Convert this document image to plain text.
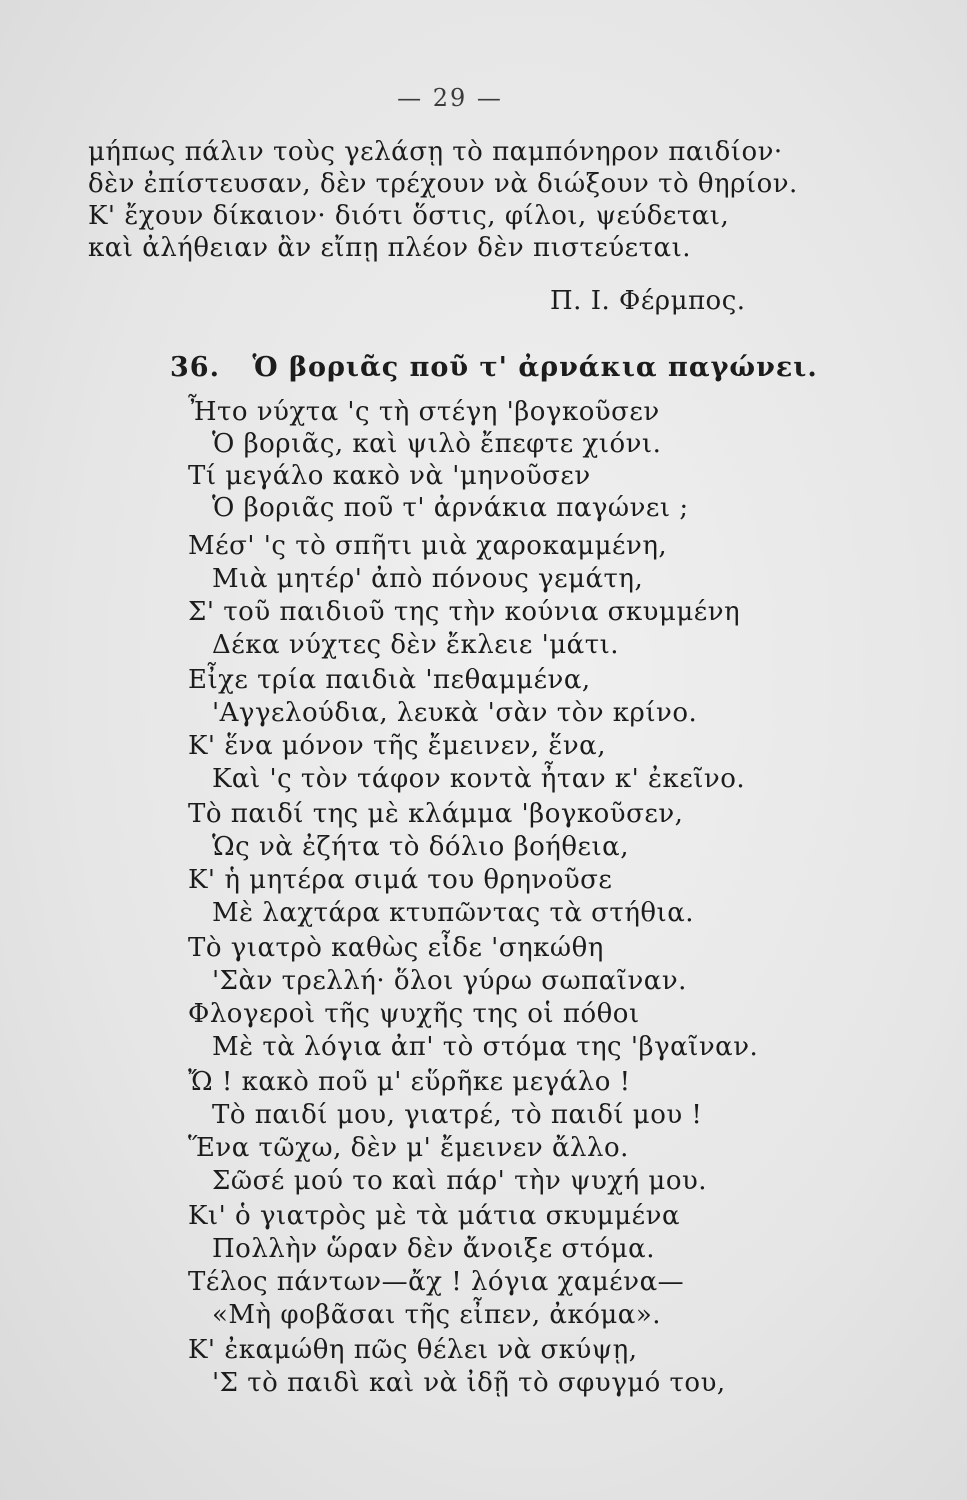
— 29 —
μήπως πάλιν τοὺς γελάσῃ τὸ παμπόνηρον παιδίον·
δὲν ἐπίστευσαν, δὲν τρέχουν νὰ διώξουν τὸ θηρίον.
Κ' ἔχουν δίκαιον· διότι ὅστις, φίλοι, ψεύδεται,
καὶ ἀλήθειαν ἂν εἴπῃ πλέον δὲν πιστεύεται.
Π. Ι. Φέρμπος.
36. Ὁ βοριᾶς ποῦ τ' ἀρνάκια παγώνει.
Ἦτο νύχτα 'ς τὴ στέγη 'βογκοῦσεν
Ὁ βοριᾶς, καὶ ψιλὸ ἔπεφτε χιόνι.
Τί μεγάλο κακὸ νὰ 'μηνοῦσεν
Ὁ βοριᾶς ποῦ τ' ἀρνάκια παγώνει ;
Μέσ' 'ς τὸ σπῆτι μιὰ χαροκαμμένη,
Μιὰ μητέρ' ἀπὸ πόνους γεμάτη,
Σ' τοῦ παιδιοῦ της τὴν κούνια σκυμμένη
Δέκα νύχτες δὲν ἔκλειε 'μάτι.
Εἶχε τρία παιδιὰ 'πεθαμμένα,
'Αγγελούδια, λευκὰ 'σὰν τὸν κρίνο.
Κ' ἕνα μόνον τῆς ἔμεινεν, ἕνα,
Καὶ 'ς τὸν τάφον κοντὰ ἦταν κ' ἐκεῖνο.
Τὸ παιδί της μὲ κλάμμα 'βογκοῦσεν,
Ὡς νὰ ἐζήτα τὸ δόλιο βοήθεια,
Κ' ἡ μητέρα σιμά του θρηνοῦσε
Μὲ λαχτάρα κτυπῶντας τὰ στήθια.
Τὸ γιατρὸ καθὼς εἶδε 'σηκώθη
'Σὰν τρελλή· ὅλοι γύρω σωπαῖναν.
Φλογεροὶ τῆς ψυχῆς της οἱ πόθοι
Μὲ τὰ λόγια ἀπ' τὸ στόμα της 'βγαῖναν.
Ὤ ! κακὸ ποῦ μ' εὕρῆκε μεγάλο !
Τὸ παιδί μου, γιατρέ, τὸ παιδί μου !
Ἕνα τῶχω, δὲν μ' ἔμεινεν ἄλλο.
Σῶσέ μού το καὶ πάρ' τὴν ψυχή μου.
Κι' ὁ γιατρὸς μὲ τὰ μάτια σκυμμένα
Πολλὴν ὥραν δὲν ἄνοιξε στόμα.
Τέλος πάντων—ἄχ ! λόγια χαμένα—
«Μὴ φοβᾶσαι τῆς εἶπεν, ἀκόμα».
Κ' ἐκαμώθη πῶς θέλει νὰ σκύψῃ,
'Σ τὸ παιδὶ καὶ νὰ ἰδῇ τὸ σφυγμό του,
